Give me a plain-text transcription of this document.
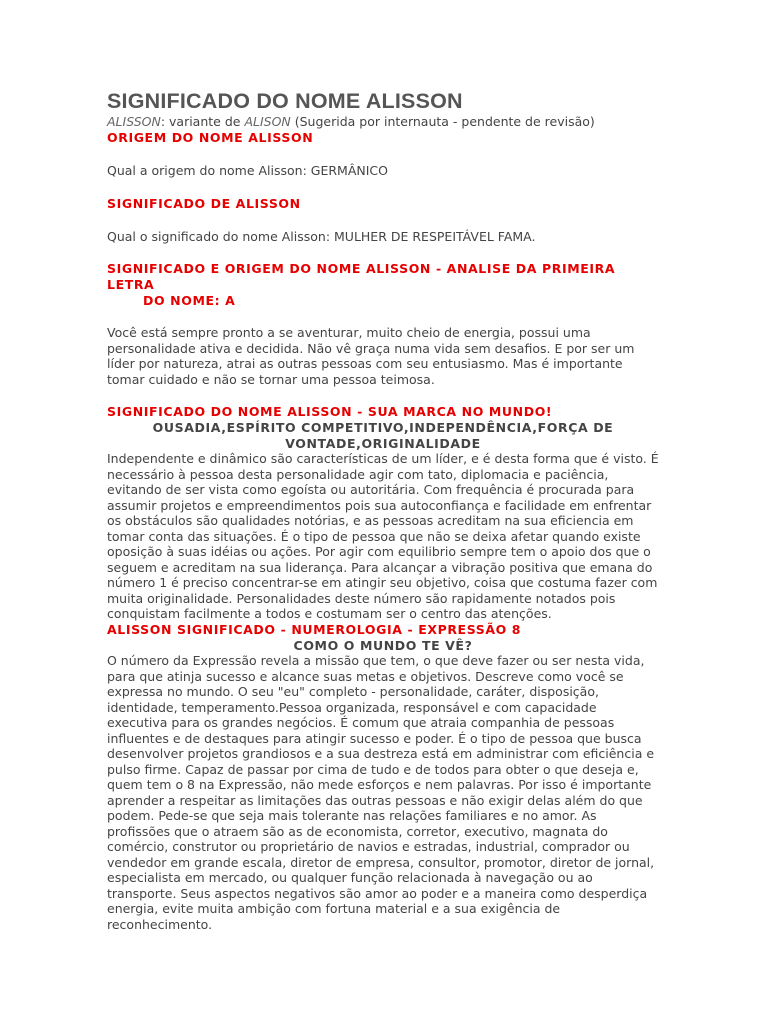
SIGNIFICADO DO NOME ALISSON
ALISSON: variante de ALISON (Sugerida por internauta - pendente de revisão)
ORIGEM DO NOME ALISSON
Qual a origem do nome Alisson: GERMÂNICO
SIGNIFICADO DE ALISSON
Qual o significado do nome Alisson: MULHER DE RESPEITÁVEL FAMA.
SIGNIFICADO E ORIGEM DO NOME ALISSON - ANALISE DA PRIMEIRA LETRA
DO NOME: A
Você está sempre pronto a se aventurar, muito cheio de energia, possui uma personalidade ativa e decidida. Não vê graça numa vida sem desafios. E por ser um líder por natureza, atrai as outras pessoas com seu entusiasmo. Mas é importante tomar cuidado e não se tornar uma pessoa teimosa.
SIGNIFICADO DO NOME ALISSON - SUA MARCA NO MUNDO!
OUSADIA,ESPÍRITO COMPETITIVO,INDEPENDÊNCIA,FORÇA DE
VONTADE,ORIGINALIDADE
Independente e dinâmico são características de um líder, e é desta forma que é visto. É necessário à pessoa desta personalidade agir com tato, diplomacia e paciência, evitando de ser vista como egoísta ou autoritária. Com frequência é procurada para assumir projetos e empreendimentos pois sua autoconfiança e facilidade em enfrentar os obstáculos são qualidades notórias, e as pessoas acreditam na sua eficiencia em tomar conta das situações. É o tipo de pessoa que não se deixa afetar quando existe oposição à suas idéias ou ações. Por agir com equilibrio sempre tem o apoio dos que o seguem e acreditam na sua liderança. Para alcançar a vibração positiva que emana do número 1 é preciso concentrar-se em atingir seu objetivo, coisa que costuma fazer com muita originalidade. Personalidades deste número são rapidamente notados pois conquistam facilmente a todos e costumam ser o centro das atenções.
ALISSON SIGNIFICADO - NUMEROLOGIA - EXPRESSÃO 8
COMO O MUNDO TE VÊ?
O número da Expressão revela a missão que tem, o que deve fazer ou ser nesta vida, para que atinja sucesso e alcance suas metas e objetivos. Descreve como você se expressa no mundo. O seu "eu" completo - personalidade, caráter, disposição, identidade, temperamento.Pessoa organizada, responsável e com capacidade executiva para os grandes negócios. É comum que atraia companhia de pessoas influentes e de destaques para atingir sucesso e poder. É o tipo de pessoa que busca desenvolver projetos grandiosos e a sua destreza está em administrar com eficiência e pulso firme. Capaz de passar por cima de tudo e de todos para obter o que deseja e, quem tem o 8 na Expressão, não mede esforços e nem palavras. Por isso é importante aprender a respeitar as limitações das outras pessoas e não exigir delas além do que podem. Pede-se que seja mais tolerante nas relações familiares e no amor. As profissões que o atraem são as de economista, corretor, executivo, magnata do comércio, construtor ou proprietário de navios e estradas, industrial, comprador ou vendedor em grande escala, diretor de empresa, consultor, promotor, diretor de jornal, especialista em mercado, ou qualquer função relacionada à navegação ou ao transporte. Seus aspectos negativos são amor ao poder e a maneira como desperdiça energia, evite muita ambição com fortuna material e a sua exigência de reconhecimento.
